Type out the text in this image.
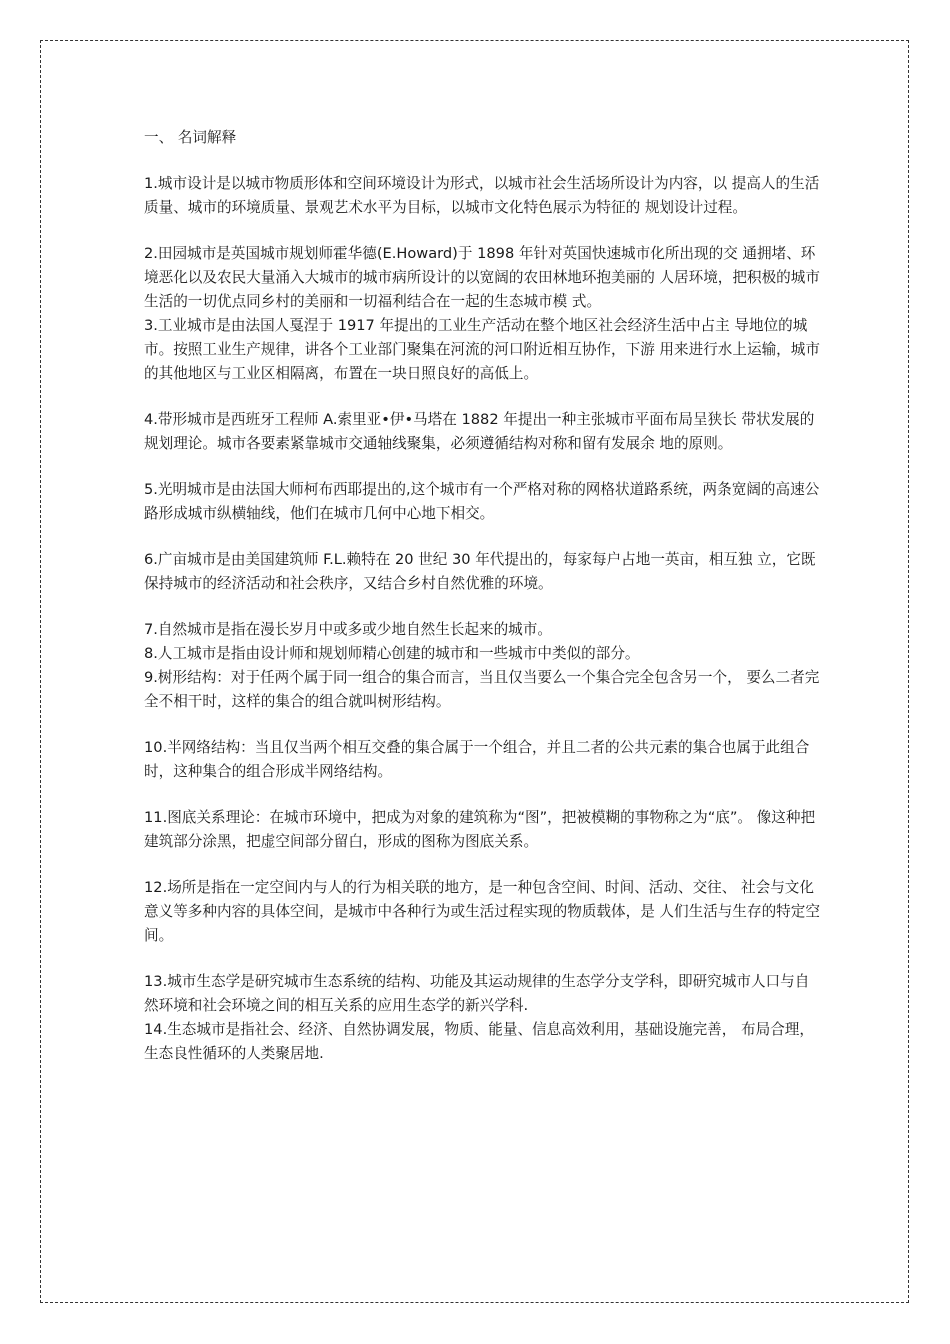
一、 名词解释

1.城市设计是以城市物质形体和空间环境设计为形式，以城市社会生活场所设计为内容，以 提高人的生活质量、城市的环境质量、景观艺术水平为目标，以城市文化特色展示为特征的 规划设计过程。

2.田园城市是英国城市规划师霍华德(E.Howard)于 1898 年针对英国快速城市化所出现的交 通拥堵、环境恶化以及农民大量涌入大城市的城市病所设计的以宽阔的农田林地环抱美丽的 人居环境，把积极的城市生活的一切优点同乡村的美丽和一切福利结合在一起的生态城市模 式。

3.工业城市是由法国人戛涅于 1917 年提出的工业生产活动在整个地区社会经济生活中占主 导地位的城市。按照工业生产规律，讲各个工业部门聚集在河流的河口附近相互协作，下游 用来进行水上运输，城市的其他地区与工业区相隔离，布置在一块日照良好的高低上。

4.带形城市是西班牙工程师 A.索里亚•伊•马塔在 1882 年提出一种主张城市平面布局呈狭长 带状发展的规划理论。城市各要素紧靠城市交通轴线聚集，必须遵循结构对称和留有发展余 地的原则。

5.光明城市是由法国大师柯布西耶提出的,这个城市有一个严格对称的网格状道路系统，两条宽阔的高速公路形成城市纵横轴线，他们在城市几何中心地下相交。

6.广亩城市是由美国建筑师 F.L.赖特在 20 世纪 30 年代提出的，每家每户占地一英亩，相互独 立，它既保持城市的经济活动和社会秩序，又结合乡村自然优雅的环境。

7.自然城市是指在漫长岁月中或多或少地自然生长起来的城市。

8.人工城市是指由设计师和规划师精心创建的城市和一些城市中类似的部分。

9.树形结构：对于任两个属于同一组合的集合而言，当且仅当要么一个集合完全包含另一个， 要么二者完全不相干时，这样的集合的组合就叫树形结构。

10.半网络结构：当且仅当两个相互交叠的集合属于一个组合，并且二者的公共元素的集合也属于此组合时，这种集合的组合形成半网络结构。

11.图底关系理论：在城市环境中，把成为对象的建筑称为“图”，把被模糊的事物称之为“底”。 像这种把建筑部分涂黑，把虚空间部分留白，形成的图称为图底关系。

12.场所是指在一定空间内与人的行为相关联的地方，是一种包含空间、时间、活动、交往、 社会与文化意义等多种内容的具体空间，是城市中各种行为或生活过程实现的物质载体，是 人们生活与生存的特定空间。

13.城市生态学是研究城市生态系统的结构、功能及其运动规律的生态学分支学科，即研究城市人口与自然环境和社会环境之间的相互关系的应用生态学的新兴学科.

14.生态城市是指社会、经济、自然协调发展，物质、能量、信息高效利用，基础设施完善， 布局合理，生态良性循环的人类聚居地.
